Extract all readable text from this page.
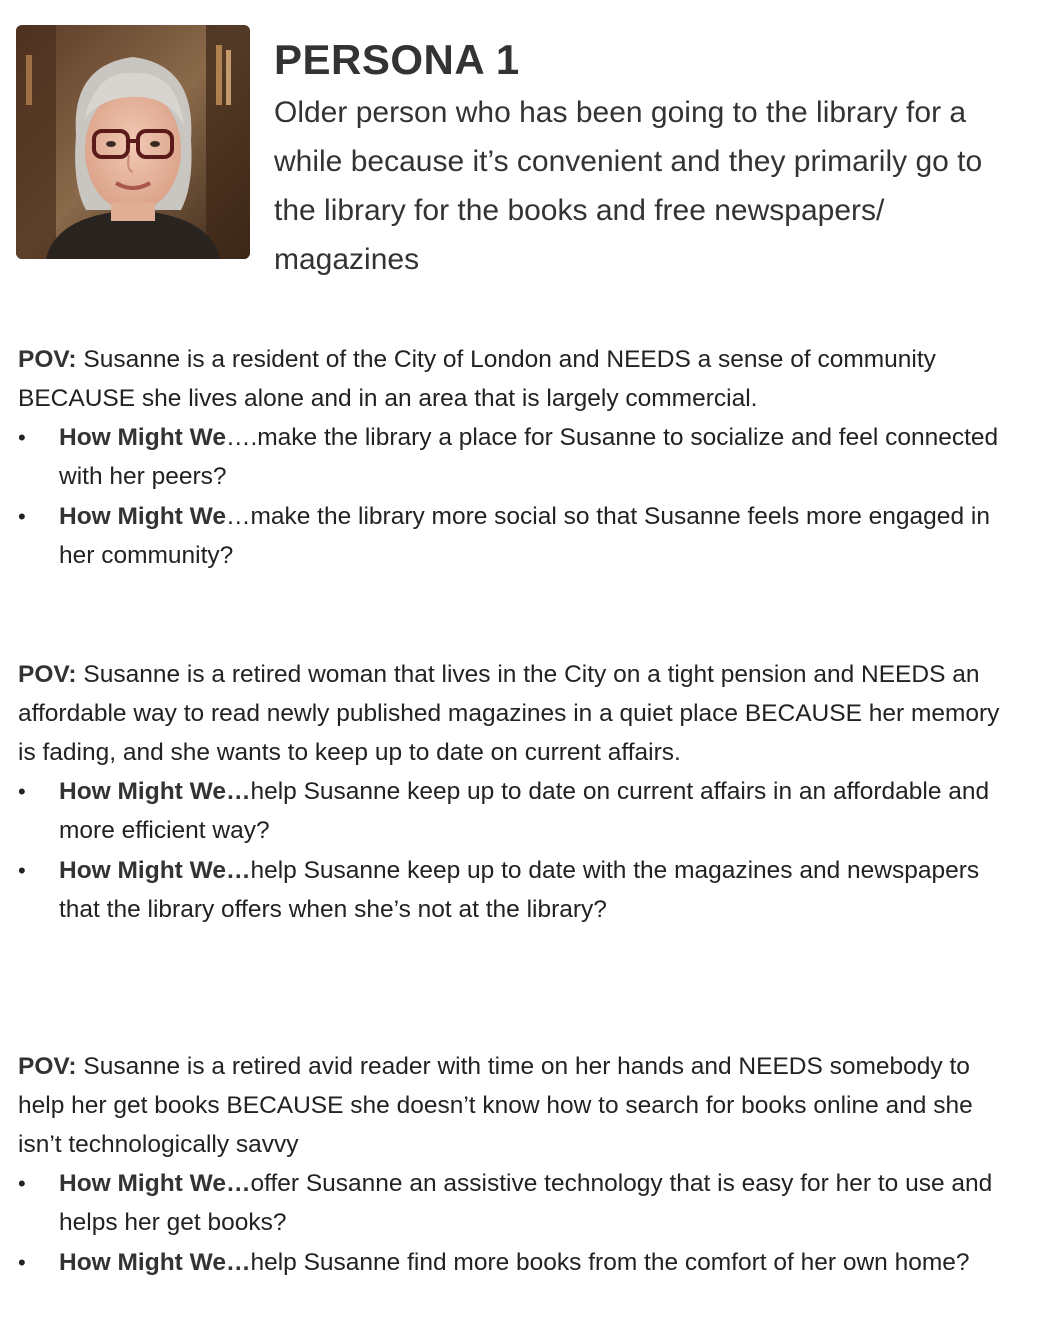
PERSONA 1
Older person who has been going to the library for a while because it’s convenient and they primarily go to the library for the books and free newspapers/ magazines

POV: Susanne is a resident of the City of London and NEEDS a sense of community BECAUSE she lives alone and in an area that is largely commercial.

• How Might We….make the library a place for Susanne to socialize and feel connected with her peers?
• How Might We…make the library more social so that Susanne feels more engaged in her community?

POV: Susanne is a retired woman that lives in the City on a tight pension and NEEDS an affordable way to read newly published magazines in a quiet place BECAUSE her memory is fading, and she wants to keep up to date on current affairs.

• How Might We…help Susanne keep up to date on current affairs in an affordable and more efficient way?
• How Might We…help Susanne keep up to date with the magazines and newspapers that the library offers when she’s not at the library?

POV: Susanne is a retired avid reader with time on her hands and NEEDS somebody to help her get books BECAUSE she doesn’t know how to search for books online and she isn’t technologically savvy

• How Might We…offer Susanne an assistive technology that is easy for her to use and helps her get books?
• How Might We…help Susanne find more books from the comfort of her own home?
